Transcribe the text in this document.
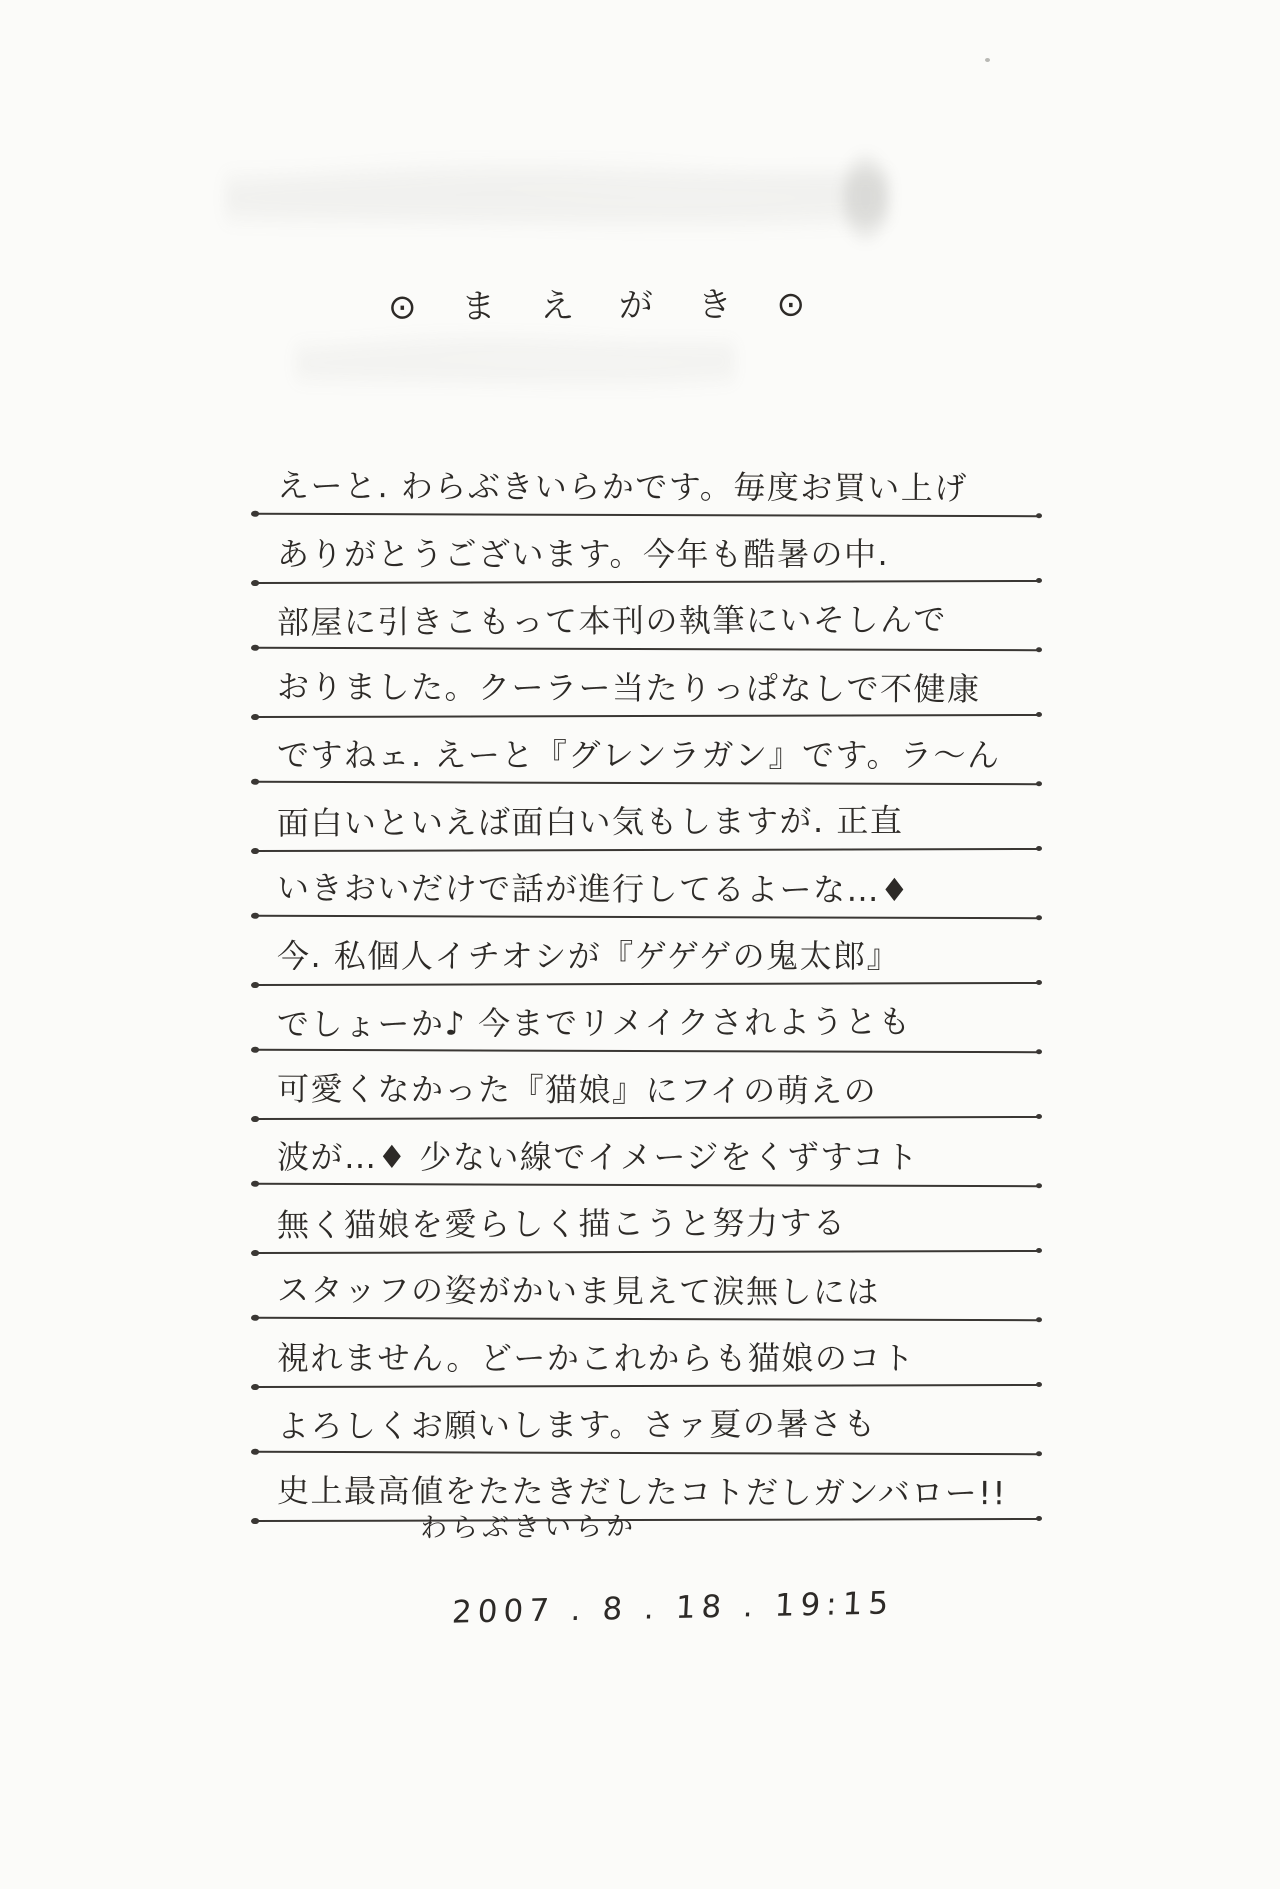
⊙ ま え が き ⊙
えーと. わらぶきいらかです。毎度お買い上げ
ありがとうございます。今年も酷暑の中.
部屋に引きこもって本刊の執筆にいそしんで
おりました。クーラー当たりっぱなしで不健康
ですねェ. えーと『グレンラガン』です。ラ〜ん
面白いといえば面白い気もしますが. 正直
いきおいだけで話が進行してるよーな…♦
今. 私個人イチオシが『ゲゲゲの鬼太郎』
でしょーか♪ 今までリメイクされようとも
可愛くなかった『猫娘』にフイの萌えの
波が…♦ 少ない線でイメージをくずすコト
無く猫娘を愛らしく描こうと努力する
スタッフの姿がかいま見えて涙無しには
視れません。どーかこれからも猫娘のコト
よろしくお願いします。さァ夏の暑さも
史上最高値をたたきだしたコトだしガンバロー!!
わらぶきいらか
2007 . 8 . 18 . 19:15
